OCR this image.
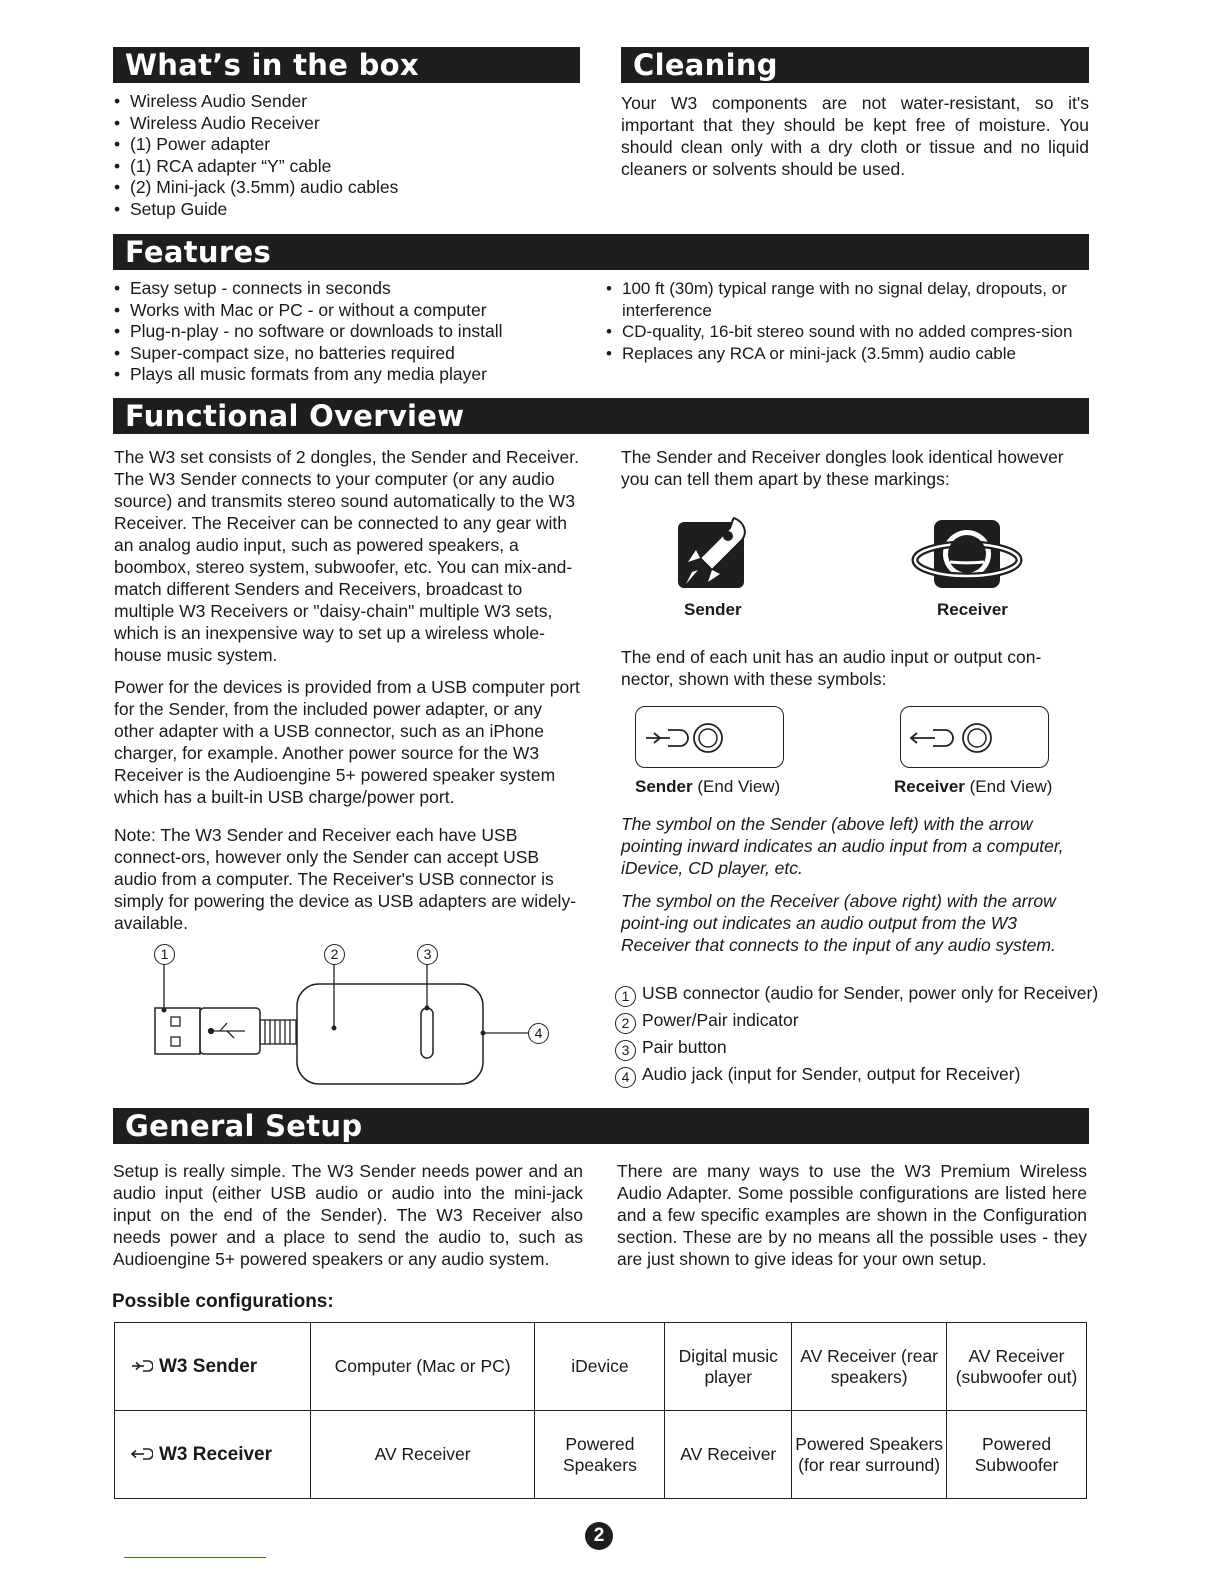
What’s in the box
• Wireless Audio Sender
• Wireless Audio Receiver
• (1) Power adapter
• (1) RCA adapter “Y” cable
• (2) Mini-jack (3.5mm) audio cables
• Setup Guide
Cleaning

Your W3 components are not water-resistant, so it's important that they should be kept free of moisture. You should clean only with a dry cloth or tissue and no liquid cleaners or solvents should be used.

Features
• Easy setup - connects in seconds
• Works with Mac or PC - or without a computer
• Plug-n-play - no software or downloads to install
• Super-compact size, no batteries required
• Plays all music formats from any media player
• 100 ft (30m) typical range with no signal delay, dropouts, or interference
• CD-quality, 16-bit stereo sound with no added compres-sion
• Replaces any RCA or mini-jack (3.5mm) audio cable
Functional Overview

The W3 set consists of 2 dongles, the Sender and Receiver. The W3 Sender connects to your computer (or any audio source) and transmits stereo sound automatically to the W3 Receiver. The Receiver can be connected to any gear with an analog audio input, such as powered speakers, a boombox, stereo system, subwoofer, etc. You can mix-and-match different Senders and Receivers, broadcast to multiple W3 Receivers or "daisy-chain" multiple W3 sets, which is an inexpensive way to set up a wireless whole-house music system.

Power for the devices is provided from a USB computer port for the Sender, from the included power adapter, or any other adapter with a USB connector, such as an iPhone charger, for example. Another power source for the W3 Receiver is the Audioengine 5+ powered speaker system which has a built-in USB charge/power port.

Note: The W3 Sender and Receiver each have USB connect-ors, however only the Sender can accept USB audio from a computer. The Receiver's USB connector is simply for powering the device as USB adapters are widely-available.

1	2	3
4

The Sender and Receiver dongles look identical however you can tell them apart by these markings:

Sender	Receiver

The end of each unit has an audio input or output con-nector, shown with these symbols:

Sender (End View)	Receiver (End View)

The symbol on the Sender (above left) with the arrow pointing inward indicates an audio input from a computer, iDevice, CD player, etc.

The symbol on the Receiver (above right) with the arrow point-ing out indicates an audio output from the W3 Receiver that connects to the input of any audio system.

1 USB connector (audio for Sender, power only for Receiver)
2 Power/Pair indicator
3 Pair button
4 Audio jack (input for Sender, output for Receiver)
General Setup

Setup is really simple. The W3 Sender needs power and an audio input (either USB audio or audio into the mini-jack input on the end of the Sender). The W3 Receiver also needs power and a place to send the audio to, such as Audioengine 5+ powered speakers or any audio system.

There are many ways to use the W3 Premium Wireless Audio Adapter. Some possible configurations are listed here and a few specific examples are shown in the Configuration section. These are by no means all the possible uses - they are just shown to give ideas for your own setup.

Possible configurations:
W3 Sender	Computer (Mac or PC)	iDevice	Digital music player	AV Receiver (rear speakers)	AV Receiver (subwoofer out)

W3 Receiver	AV Receiver	Powered Speakers	AV Receiver	Powered Speakers (for rear surround)	Powered Subwoofer
2
